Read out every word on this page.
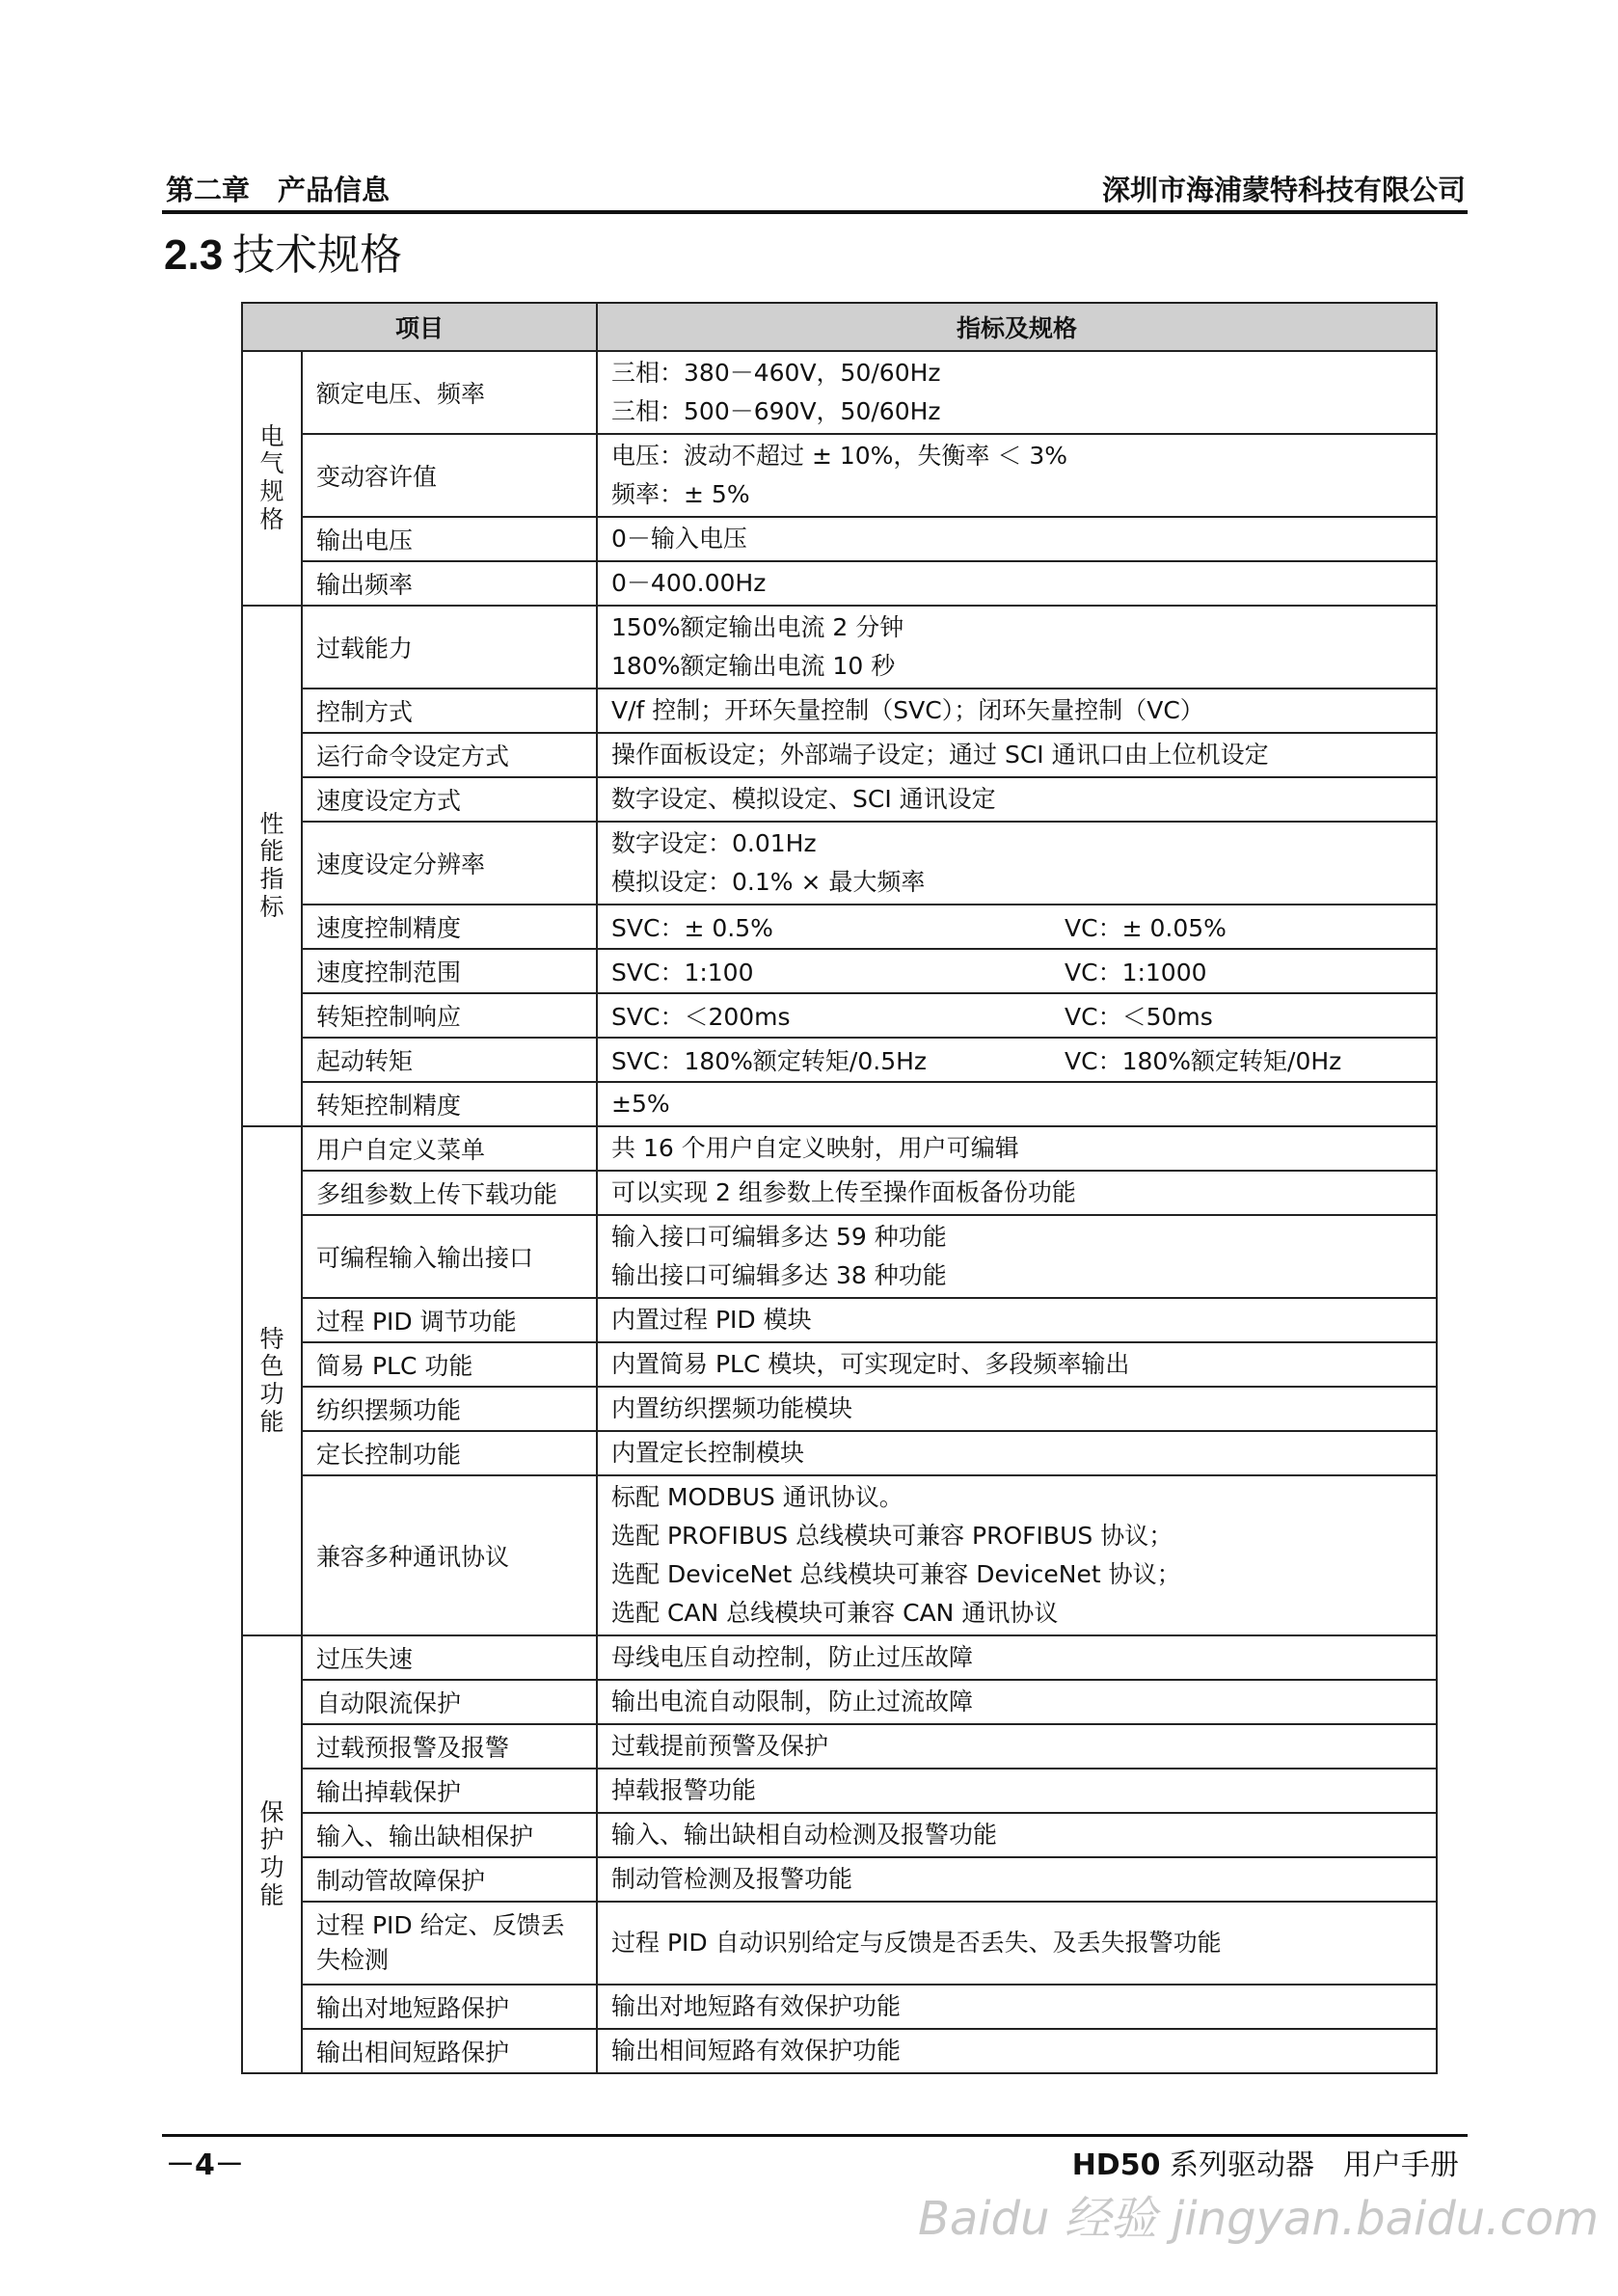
第二章　产品信息	深圳市海浦蒙特科技有限公司
2.3 技术规格
项目		指标及规格

电气规格	额定电压、频率	三相：380－460V，50/60Hz
三相：500－690V，50/60Hz

	变动容许值	电压：波动不超过 ± 10%，失衡率 ＜ 3%
频率：± 5%

	输出电压	0－输入电压

	输出频率	0－400.00Hz

性能指标	过载能力	150%额定输出电流 2 分钟
180%额定输出电流 10 秒

	控制方式	V/f 控制；开环矢量控制（SVC）；闭环矢量控制（VC）

	运行命令设定方式	操作面板设定；外部端子设定；通过 SCI 通讯口由上位机设定

	速度设定方式	数字设定、模拟设定、SCI 通讯设定

	速度设定分辨率	数字设定：0.01Hz
模拟设定：0.1% × 最大频率

	速度控制精度	SVC：± 0.5% VC：± 0.05%
	速度控制范围	SVC：1:100 VC：1:1000
	转矩控制响应	SVC：＜200ms VC：＜50ms
	起动转矩	SVC：180%额定转矩/0.5Hz VC：180%额定转矩/0Hz
	转矩控制精度	±5%

特色功能	用户自定义菜单	共 16 个用户自定义映射，用户可编辑

	多组参数上传下载功能	可以实现 2 组参数上传至操作面板备份功能

	可编程输入输出接口	输入接口可编辑多达 59 种功能
输出接口可编辑多达 38 种功能

	过程 PID 调节功能	内置过程 PID 模块

	简易 PLC 功能	内置简易 PLC 模块，可实现定时、多段频率输出

	纺织摆频功能	内置纺织摆频功能模块

	定长控制功能	内置定长控制模块

	兼容多种通讯协议	标配 MODBUS 通讯协议。
选配 PROFIBUS 总线模块可兼容 PROFIBUS 协议；
选配 DeviceNet 总线模块可兼容 DeviceNet 协议；
选配 CAN 总线模块可兼容 CAN 通讯协议

保护功能	过压失速	母线电压自动控制，防止过压故障

	自动限流保护	输出电流自动限制，防止过流故障

	过载预报警及报警	过载提前预警及保护

	输出掉载保护	掉载报警功能

	输入、输出缺相保护	输入、输出缺相自动检测及报警功能

	制动管故障保护	制动管检测及报警功能

	过程 PID 给定、反馈丢失检测	过程 PID 自动识别给定与反馈是否丢失、及丢失报警功能

	输出对地短路保护	输出对地短路有效保护功能

	输出相间短路保护	输出相间短路有效保护功能
－4－	HD50 系列驱动器　用户手册
Baidu 经验 jingyan.baidu.com
